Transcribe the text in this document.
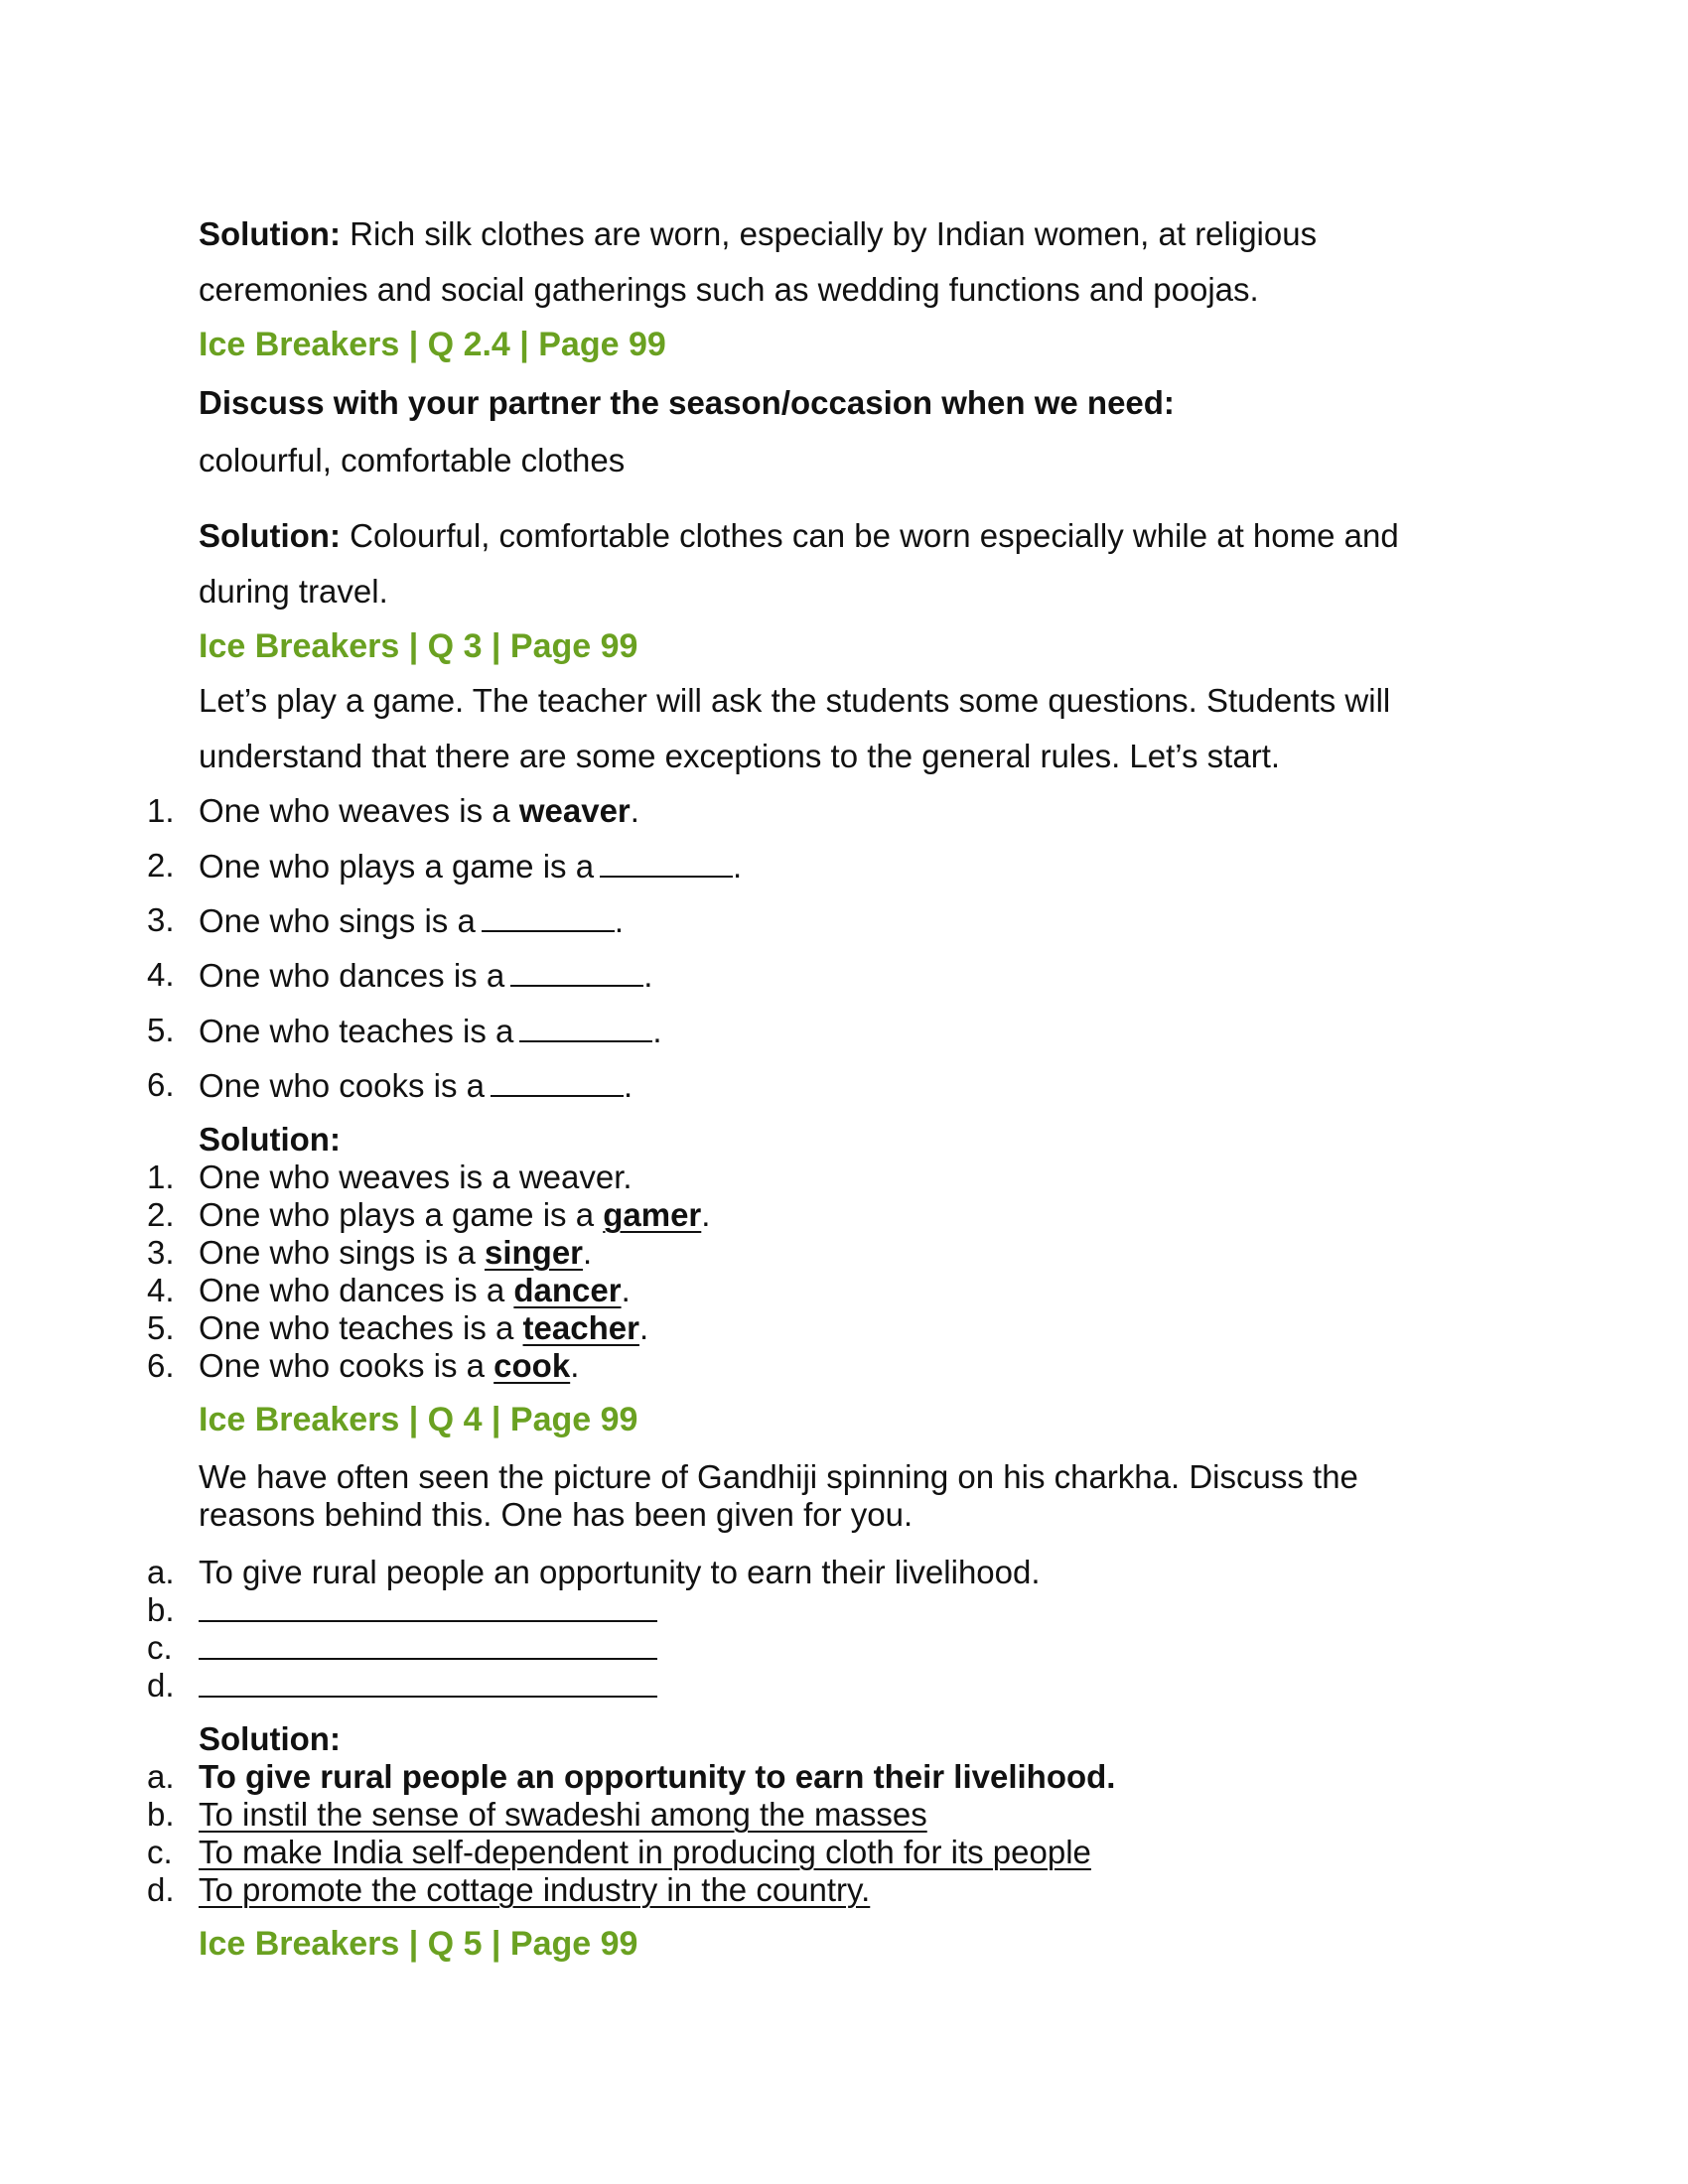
Solution: Rich silk clothes are worn, especially by Indian women, at religious
ceremonies and social gatherings such as wedding functions and poojas.
Ice Breakers | Q 2.4 | Page 99
Discuss with your partner the season/occasion when we need:
colourful, comfortable clothes
Solution: Colourful, comfortable clothes can be worn especially while at home and
during travel.
Ice Breakers | Q 3 | Page 99
Let’s play a game. The teacher will ask the students some questions. Students will
understand that there are some exceptions to the general rules. Let’s start.
1. One who weaves is a weaver.
2. One who plays a game is a	.
3. One who sings is a	.
4. One who dances is a	.
5. One who teaches is a	.
6. One who cooks is a	.
Solution:
1. One who weaves is a weaver.
2. One who plays a game is a gamer.
3. One who sings is a singer.
4. One who dances is a dancer.
5. One who teaches is a teacher.
6. One who cooks is a cook.
Ice Breakers | Q 4 | Page 99
We have often seen the picture of Gandhiji spinning on his charkha. Discuss the
reasons behind this. One has been given for you.
a. To give rural people an opportunity to earn their livelihood.
b.
c.
d.
Solution:
a. To give rural people an opportunity to earn their livelihood.
b. To instil the sense of swadeshi among the masses
c. To make India self-dependent in producing cloth for its people
d. To promote the cottage industry in the country.
Ice Breakers | Q 5 | Page 99
